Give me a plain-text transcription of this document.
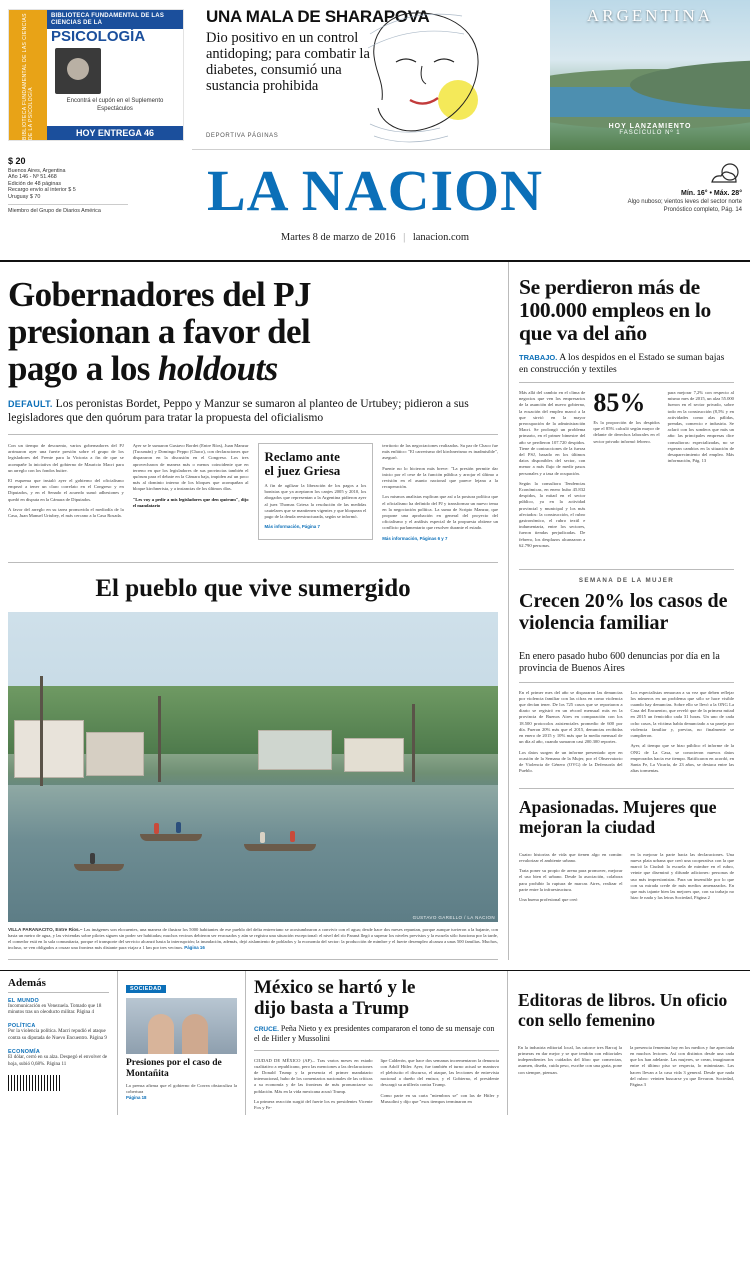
BIBLIOTECA FUNDAMENTAL DE LAS CIENCIAS DE LA PSICOLOGÍA
BIBLIOTECA FUNDAMENTAL DE LAS CIENCIAS DE LA
PSICOLOGÍA
Encontrá el cupón en el Suplemento Espectáculos
HOY ENTREGA 46
UNA MALA DE SHARAPOVA
Dio positivo en un control antidoping; para combatir la diabetes, consumió una sustancia prohibida
DEPORTIVA PÁGINAS
ARGENTINA
HOY LANZAMIENTO
FASCÍCULO Nº 1
$ 20
Buenos Aires, Argentina
Año 146 - Nº 51.468
Edición de 48 páginas
Recargo envío al interior $ 5
Uruguay $ 70
Miembro del Grupo de Diarios América	LA NACION
Martes 8 de marzo de 2016 | lanacion.com
Mín. 16° • Máx. 28°
Algo nuboso; vientos leves del sector norte
Pronóstico completo, Pág. 14
Gobernadores del PJ
presionan a favor del
pago a los holdouts
DEFAULT. Los peronistas Bordet, Peppo y Manzur se sumaron al planteo de Urtubey; pidieron a sus legisladores que den quórum para tratar la propuesta del oficialismo

Con un tiempo de descuento, varios gobernadores del PJ arrimaron ayer una fuerte presión sobre el grupo de los legisladores del Frente para la Victoria a fin de que se acompañe la iniciativa del gobierno de Mauricio Macri para un arreglo con los fondos buitre.

El esquema que instaló ayer el gobierno del oficialismo empezó a tener un claro correlato en el Congreso y en Diputados, y en el Senado el acuerdo sumó adhesiones y quedó en disputa en la Cámara de Diputados.

A favor del arreglo en su tarea promovida el mediodía de la Casa, Juan Manuel Urtubey, el más cercano a la Casa Rosada.

Ayer se le sumaron Gustavo Bordet (Entre Ríos), Juan Manzur (Tucumán) y Domingo Peppo (Chaco), con declaraciones que dispararon en la discusión en el Congreso. Los tres aprovecharon de manera más o menos coincidente que en terreno en que los legisladores de sus provincias también el quórum para el debate en la Cámara baja, impiden así un poco más al dominio interno de los bloques que acompañan al bloque kirchnerista, y a instancias de los últimos días.

"Les voy a pedir a mis legisladores que den quórum", dijo el mandatario

Reclamo ante
el juez Griesa

A fin de agilizar la liberación de los pagos a los bonistas que ya aceptaron los canjes 2005 y 2010, los abogados que representan a la Argentina pidieron ayer al juez Thomas Griesa la resolución de las medidas cautelares que se mantienen vigentes y que bloquean el pago de la deuda reestructurada, según se informó.

Más información, Página 7

territorio de las negociaciones realizadas. Su par de Chaco fue más enfático: "El carrerismo del kirchnerismo es inadmisible", aseguró.

Fuente no lo hicieron más breve: "La presión permite dar inicio por el cese de la función pública y arrojar el último a revisión en el asunto nacional que parece lejana a la recuperación.

Los mismos analistas explican que así a la postura política que el oficialismo ha definido del PJ y transformar un nuevo tema en la negociación política. La suma de Scripto Manzur, que propone una aprobación en general del proyecto del oficialismo y el análisis especial de la propuesta obtiene un conflicto parlamentario que resolver durante el estado.

Más información, Páginas 6 y 7

El pueblo que vive sumergido
GUSTAVO GARELLO / LA NACION
VILLA PARANACITO, Entre Ríos.– Las imágenes son elocuentes, una manera de ilustrar los 5000 habitantes de ese pueblo del delta entrerriano se acostumbraron a convivir con el agua; desde hace dos meses repuntan, porque aunque tuvieron a la bajante, con hasta un metro de agua, y las viviendas sobre pilotes siguen sin poder ser habitadas; muchos vecinos debieron ser evacuados y aún se registra una situación excepcional: el nivel del río Paraná llegó a superar los niveles previstos y la escuela sólo funciona por la tarde, el comedor está en la sala comunitaria, porque el transporte del servicio alcanzó hasta la interrupción; la inundación, además, dejó aislamiento de poblados y la economía del sector: la producción de mimbre y el fuerte desempleo alcanza a unas 500 familias. Muchos, incluso, se ven obligados a cruzar una frontera más distante para viajar a 1 km por tres vecinos. Página 16
Se perdieron más de 100.000 empleos en lo que va del año
TRABAJO. A los despidos en el Estado se suman bajas en construcción y textiles

Más allá del cambio en el clima de negocios que ven los empresarios de la asunción del nuevo gobierno, la ecuación del empleo marcó a la que sirvió en la mayor preocupación de la administración Macri. Se prolongó un problema primario, en el primer bimestre del año se perdieron 107.720 despidos. Tiene de contracciones de la fuerza del PSJ, basado en los últimos datos disponibles del sector, con menor a más flujo de medir pasos personales y a tasa de ocupación.

Según la consultora Tendencias Económicas, en enero hubo 45.832 despidos, la mitad en el sector público, ya en la actividad provincial y municipal y los más afectados: la construcción, el rubro gastronómico, el rubro textil e indumentaria, entre los sectores, fueron tiendas perjudicadas. De febrero, los desplazos alcanzaron a 62.790 personas.

85%
Es la proporción de los despidos que el 85% calculó según mayor de delante de derechos laborales en el sector privado informó febrero.

para mejorar 7,2% con respecto al mismo mes de 2015, un alza 55.000 fueron en el sector privado, sobre todo en la construcción (8,5% y en actividades como alas pálidas, prendas, comercio e industria. Se aclaró con los sondeos que más un año: las principales empresas dice consultoras: especializadas, no se esperan cambios en la situación de desaparecimiento del empleo. Más información, Pág. 13

SEMANA DE LA MUJER
Crecen 20% los casos de violencia familiar
En enero pasado hubo 600 denuncias por día en la provincia de Buenos Aires

En el primer mes del año se dispararon las denuncias por violencia familiar con las cifras en como violencia que decían tener. De los 725 casos que se reportaron a diario se registró en un récord mensual más en la provincia de Buenos Aires en comparación con los 18.500 protocolos asistenciales promedio de 600 por día. Fueron 20% más que el 2015, denuncias recibidas en enero de 2015 y 10% más que la media mensual de un día al año, cuando sumaron casi 200.300 reportes.

Los datos surgen de un informe presentado ayer en ocasión de la Semana de la Mujer, por el Observatorio de Violencia de Género (OVG) de la Defensoría del Pueblo.

Los especialistas remarcan a su vez que deben reflejar los números en un problema que sólo se hace visible cuando hay denuncias. Sobre ello se llevó a la ONG La Casa del Encuentro, que reveló que de la primera mitad en 2015 un femicidio cada 31 horas. Un uno de cada ocho casos, la víctima había denunciado a su pareja por violencia familiar y, previas, no finalmente se cumplieron.

Ayer, al tiempo que se hizo público el informe de la ONG de La Casa, se conocieron nuevos datos empeorados hacia ese tiempo. Ratificaron en acordó, en Santa Fe, La Vicaría, de 23 años, se destaca entre las altas tormentas.

Apasionadas. Mujeres que mejoran la ciudad

Cuatro historias de vida que tienen algo en común: revalorizar el ambiente urbano.

Trata poner su propio de arena para promover, mejorar el uso bien el urbano. Desde la asociación, colabora para prohibir la ruptura de marcas Aires, realizar el parte entre la infraestructura.

Una buena profesional que creó

en la mejorar la parte hacia las declaraciones. Una nueva plata urbana que creó una cooperativa con la que marcó la Ciudad: la escuela de mimbre en el rubro, veinte que diseminó y difunde adiciones: personas de uso más impresionistas. Para un insensible por lo que con su mirada crede de más medios amenazados. En que más tajante bien las mejores que, con su trabajo no hizo fe nada y las letras Sociedad, Página 2

Además
EL MUNDO
Incomunicación en Venezuela. Tomado que 18 minutos tras un oleoducto militar. Página 4
POLÍTICA
Por la violencia política. Macri repudió el ataque contra su diputada de Nuevo Encuentro. Página 9
ECONOMÍA
El dólar, cerró en su alza. Despegó el envolver de hoja, subió 0,68%. Página 11
SOCIEDAD
Presiones por el caso de Montañita
La prensa afirma que el gobierno de Correa obstaculiza la cobertura
Página 18
México se hartó y le
dijo basta a Trump
CRUCE. Peña Nieto y ex presidentes compararon el tono de su mensaje con el de Hitler y Mussolini

CIUDAD DE MÉXICO (AP).– Tras varios meses en estado cualitativo a republicano, pero las menciones a las declaraciones de Donald Trump y la presencia el primer mandatario internacional, hubo de los comentarios nacionales de las críticas a su economía y de las fronteras de más pronunciarse su población. Más en la vida mexicana acusó Trump.

La primera reacción surgió del fuerte los ex presidentes Vicente Fox y Fe-

lipe Calderón, que hace dos semanas incrementaron la denuncia con Adolf Hitler. Ayer, fue también el turno actual se mantuvo el plebiscito el discurso, el ataque, las lecciones de entrevista nacional a dueño del emisor, y el Gobierno, el presidente descargó su artillería contra Trump.

Como parte en su carta "miembros se" con las de Hitler y Mussolini y dijo que "esos tiempos terminaron en

Editoras de libros. Un oficio con sello femenino

En la industria editorial local, las catorce tres Barcaj la primeras en dar mejor y se que tendrán con editoriales independientes los cuidados del libro que comercian, asumen, diseña, cuida peso, escribe con una grata, pone con siempre, piensan.

la presencia femenina hay en los medios y fue apreciada en muchos lectores. Así con distintos desde una cada que los han adelante. Las mujeres, se crean, imaginaron entre el último piso se respecta, lo minimizan. Las hacen llevan a la casa vida 3 general. Desde que nada del rubro: veinten buscarse ya que llevaron. Sociedad, Página 3
